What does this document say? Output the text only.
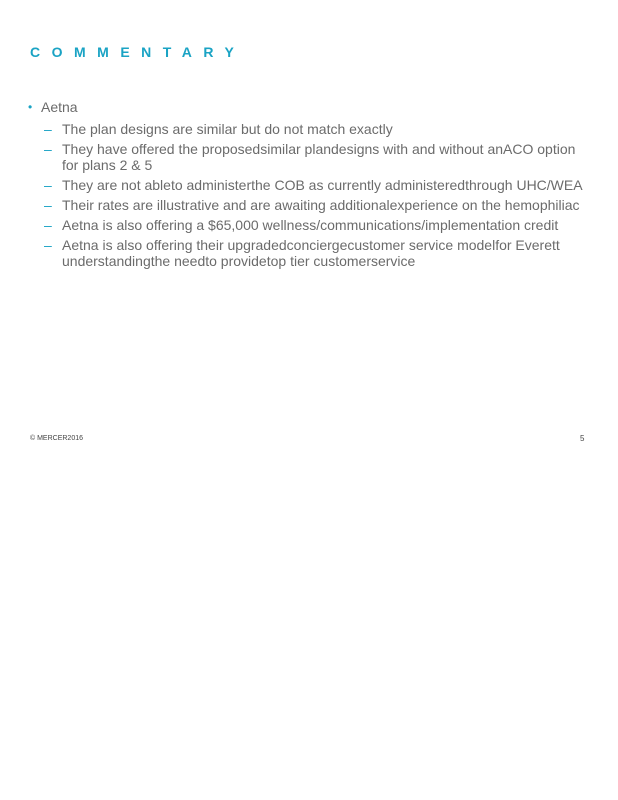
COMMENTARY
• Aetna
– The plan designs are similar but do not match exactly
– They have offered the proposedsimilar plandesigns with and without anACO option for plans 2 & 5
– They are not ableto administerthe COB as currently administeredthrough UHC/WEA
– Their rates are illustrative and are awaiting additionalexperience on the hemophiliac
– Aetna is also offering a $65,000 wellness/communications/implementation credit
– Aetna is also offering their upgradedconciergecustomer service modelfor Everett understandingthe needto providetop tier customerservice
© MERCER2016	5
